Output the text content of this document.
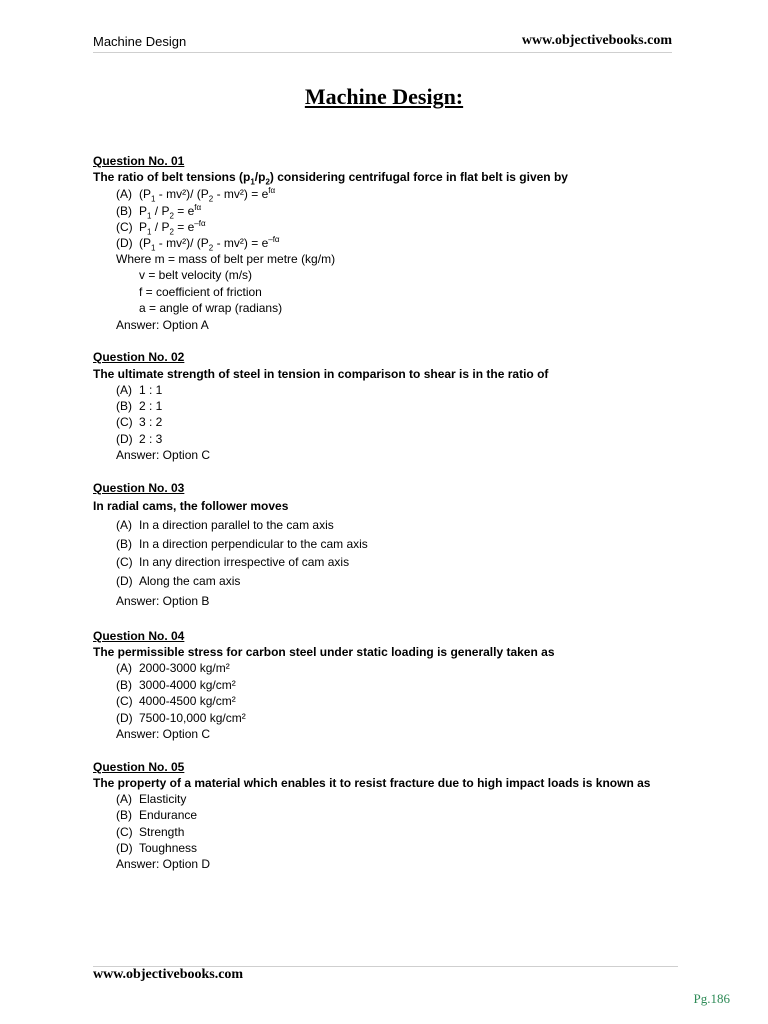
Machine Design	www.objectivebooks.com
Machine Design:
Question No. 01
The ratio of belt tensions $(p_1/p_2)$ considering centrifugal force in flat belt is given by
(A) $(P_1 - mv^2)/$ $(P_2 - mv^2) = e^{f\alpha}$
(B) $P_1 / P_2 = e^{f\alpha}$
(C) $P_1 / P_2 = e^{-f\alpha}$
(D) $(P_1 - mv^2)/$ $(P_2 - mv^2) = e^{-f\alpha}$
Where m = mass of belt per metre (kg/m)
v = belt velocity (m/s)
f = coefficient of friction
a = angle of wrap (radians)
Answer: Option A
Question No. 02
The ultimate strength of steel in tension in comparison to shear is in the ratio of
(A) 1 : 1
(B) 2 : 1
(C) 3 : 2
(D) 2 : 3
Answer: Option C
Question No. 03
In radial cams, the follower moves
(A) In a direction parallel to the cam axis
(B) In a direction perpendicular to the cam axis
(C) In any direction irrespective of cam axis
(D) Along the cam axis
Answer: Option B
Question No. 04
The permissible stress for carbon steel under static loading is generally taken as
(A) 2000-3000 kg/m²
(B) 3000-4000 kg/cm²
(C) 4000-4500 kg/cm²
(D) 7500-10,000 kg/cm²
Answer: Option C
Question No. 05
The property of a material which enables it to resist fracture due to high impact loads is known as
(A) Elasticity
(B) Endurance
(C) Strength
(D) Toughness
Answer: Option D
www.objectivebooks.com
Pg.186
